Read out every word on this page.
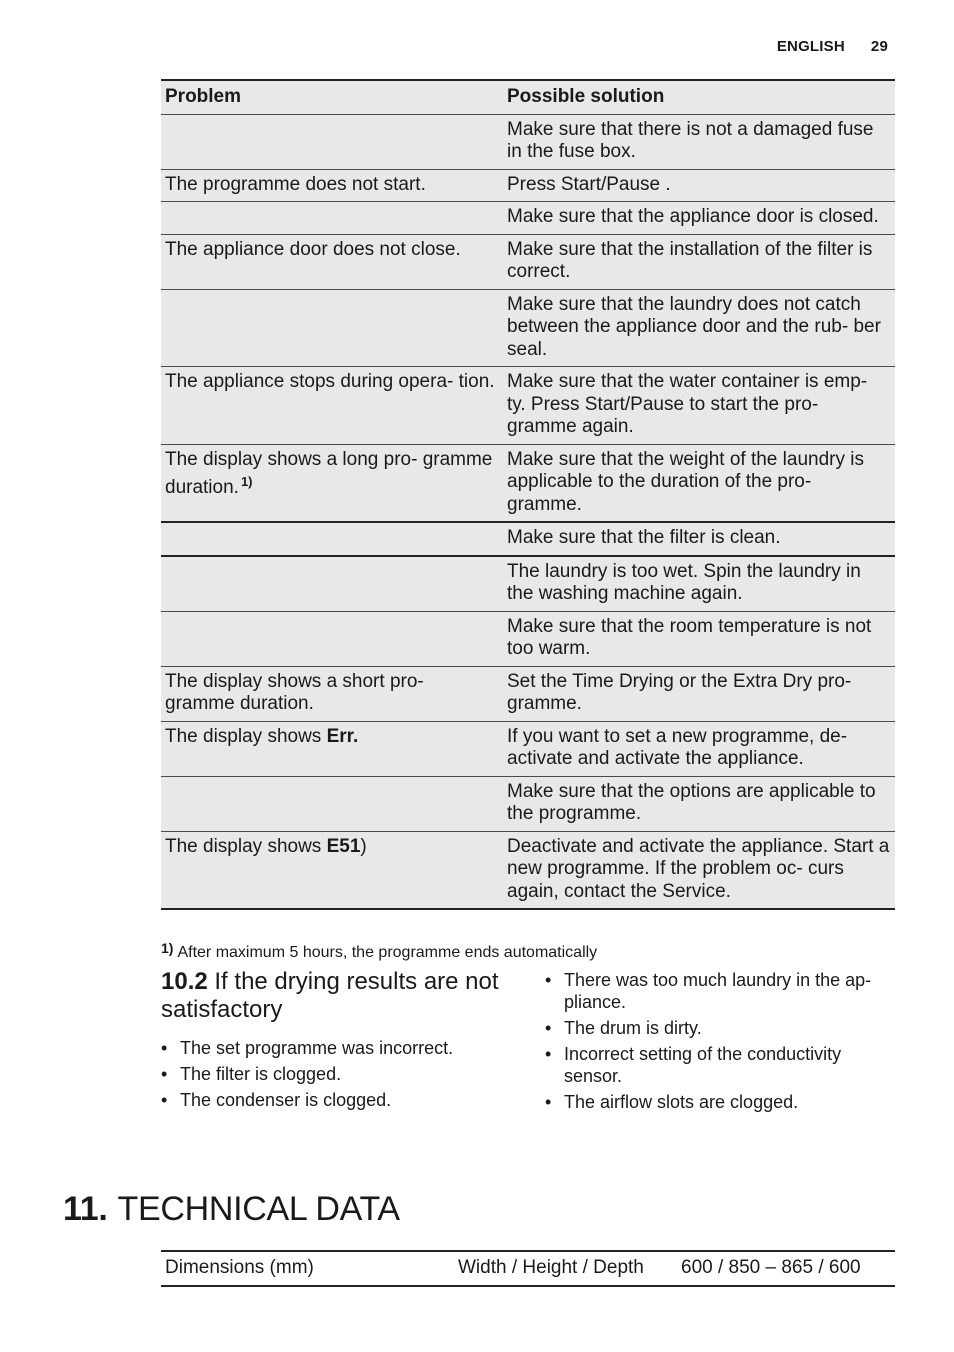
ENGLISH 29
Problem	Possible solution
	Make sure that there is not a damaged fuse in the fuse box.
The programme does not start.	Press Start/Pause .
	Make sure that the appliance door is closed.
The appliance door does not close.	Make sure that the installation of the filter is correct.
	Make sure that the laundry does not catch between the appliance door and the rub- ber seal.
The appliance stops during opera- tion.	Make sure that the water container is emp- ty. Press Start/Pause to start the pro- gramme again.
The display shows a long pro- gramme duration. $^{1)}$	Make sure that the weight of the laundry is applicable to the duration of the pro- gramme.
	Make sure that the filter is clean.
	The laundry is too wet. Spin the laundry in the washing machine again.
	Make sure that the room temperature is not too warm.
The display shows a short pro- gramme duration.	Set the Time Drying or the Extra Dry pro- gramme.
The display shows Err.	If you want to set a new programme, de- activate and activate the appliance.
	Make sure that the options are applicable to the programme.
The display shows E51)	Deactivate and activate the appliance. Start a new programme. If the problem oc- curs again, contact the Service.
1) After maximum 5 hours, the programme ends automatically
10.2 If the drying results are not satisfactory
• The set programme was incorrect.
• The filter is clogged.
• The condenser is clogged.
• There was too much laundry in the ap- pliance.
• The drum is dirty.
• Incorrect setting of the conductivity sensor.
• The airflow slots are clogged.
11. TECHNICAL DATA
Dimensions (mm)	Width / Height / Depth	600 / 850 – 865 / 600
